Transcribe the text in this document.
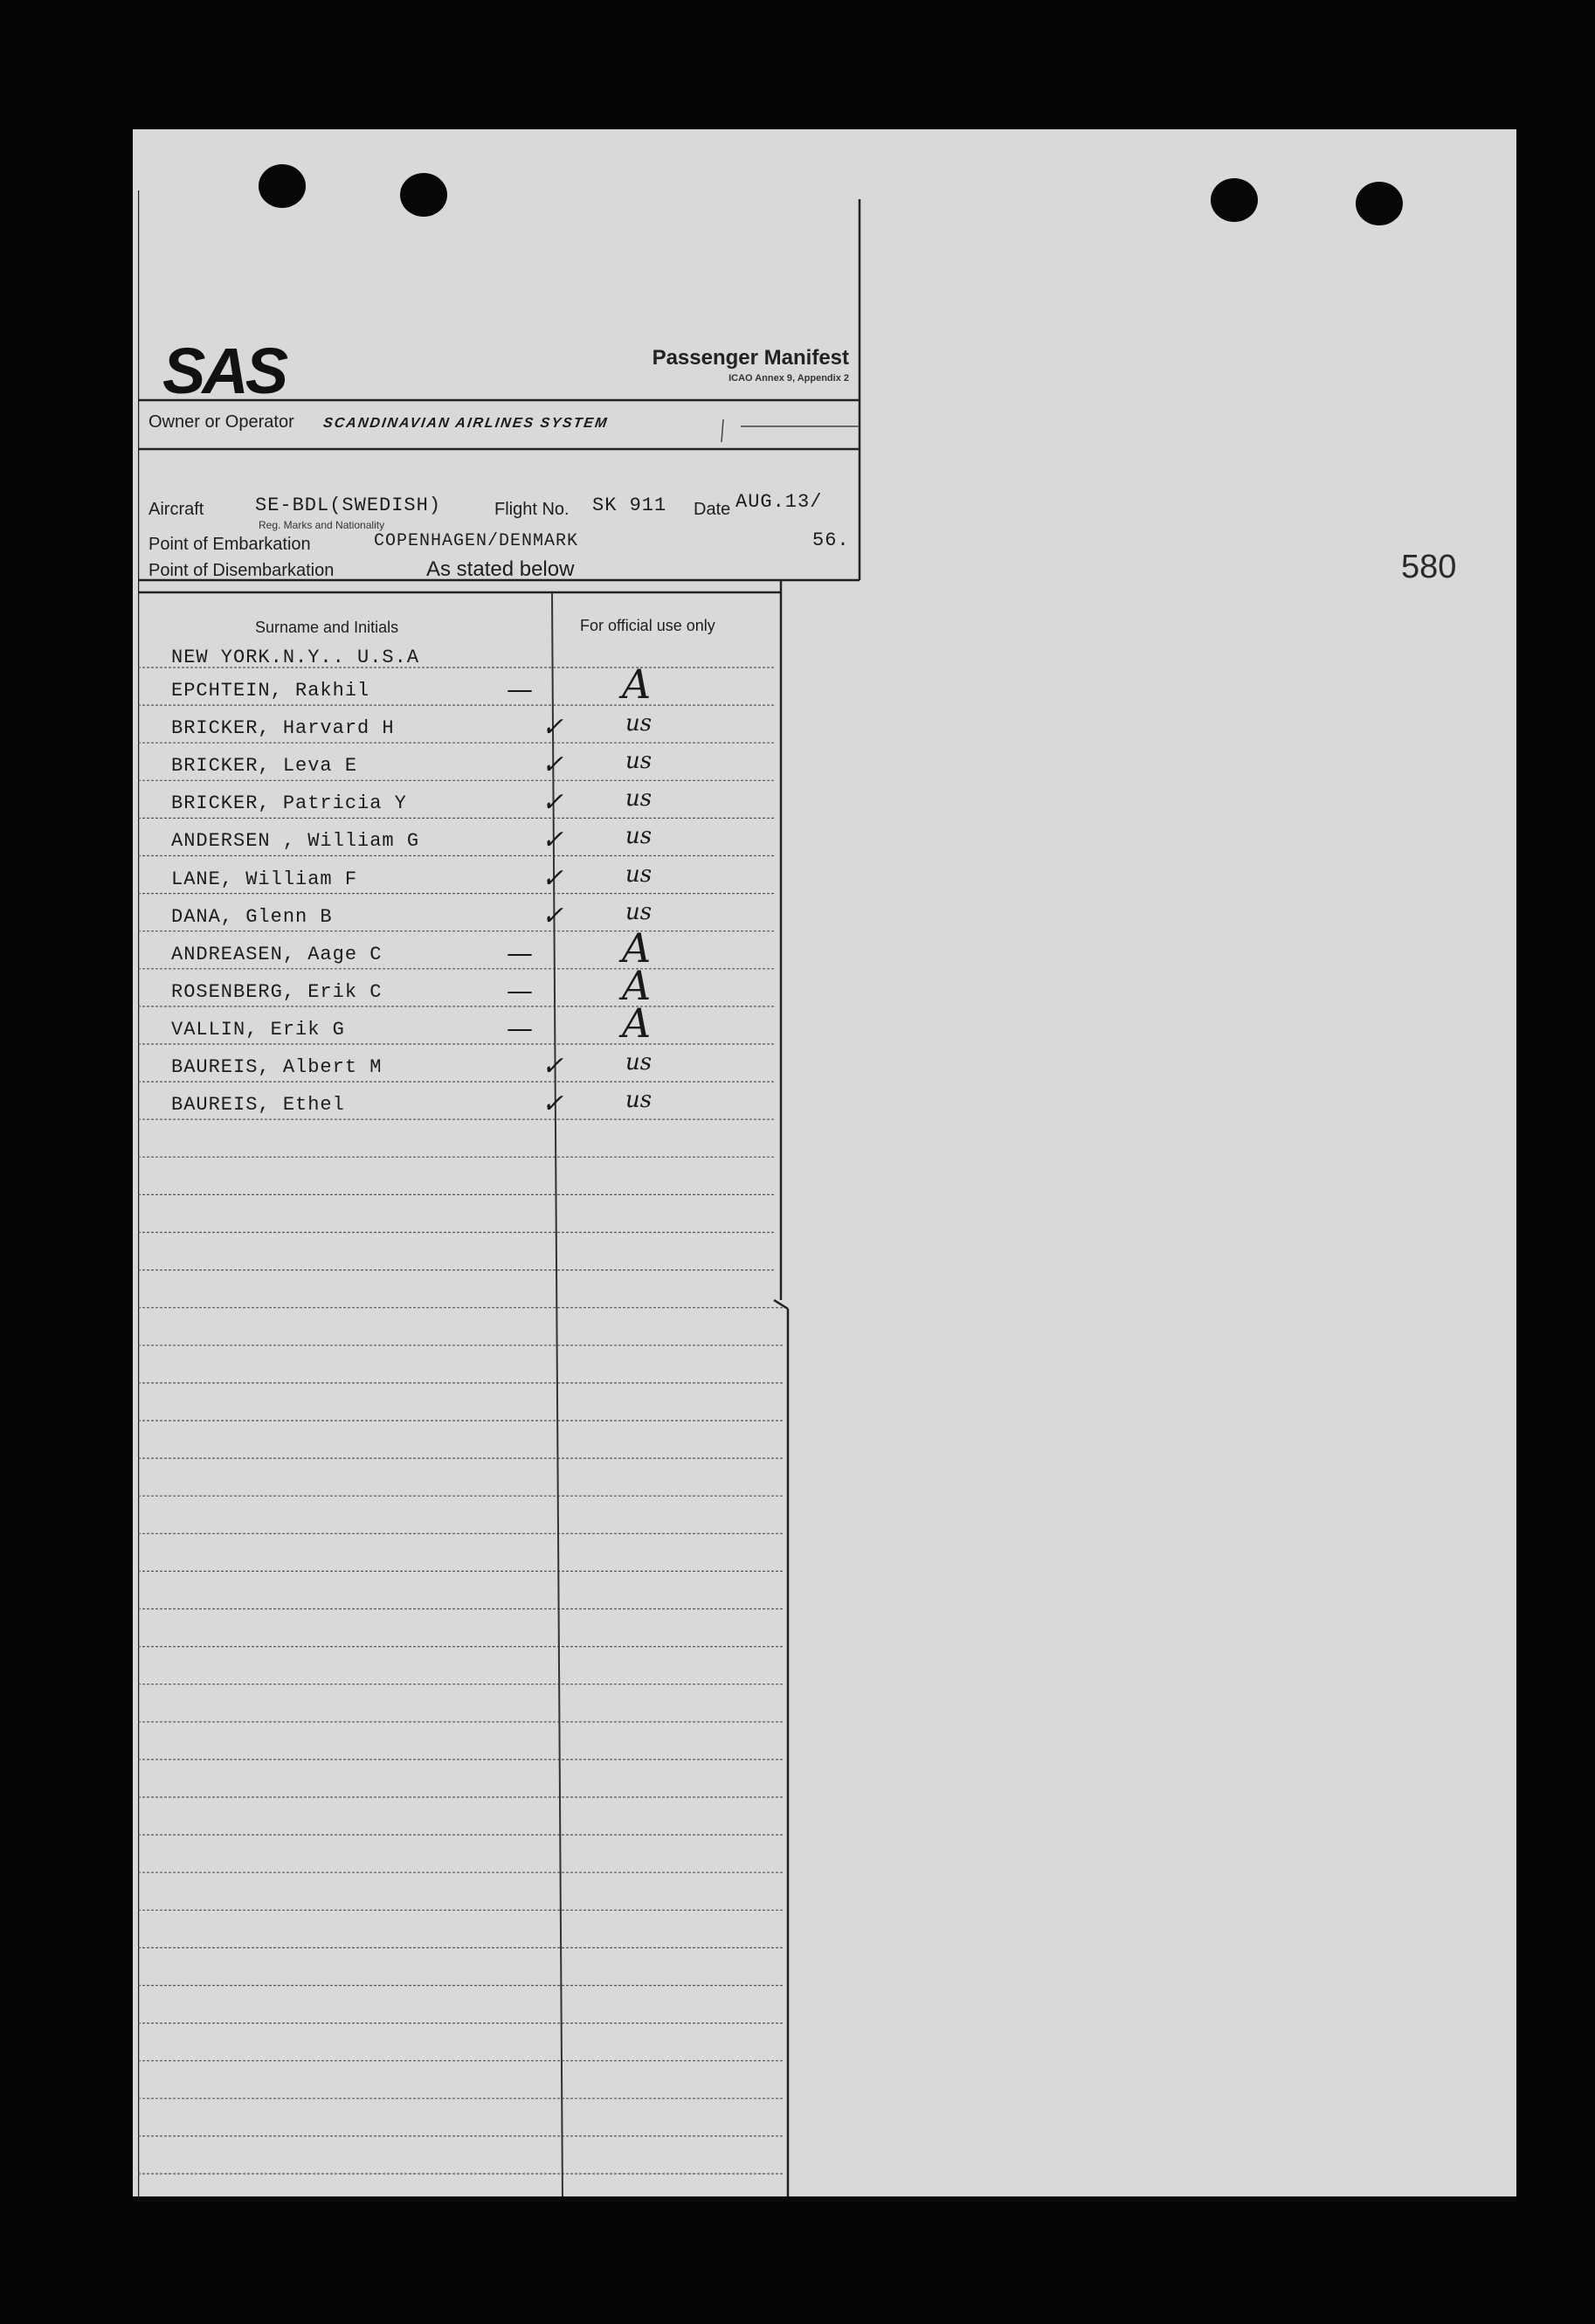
SAS	Passenger Manifest
ICAO Annex 9, Appendix 2
Owner or Operator SCANDINAVIAN AIRLINES SYSTEM
Aircraft	SE-BDL(SWEDISH)
Reg. Marks and Nationality
Flight No. SK 911 Date AUG.13/
Point of Embarkation	COPENHAGEN/DENMARK	56.
Point of Disembarkation	As stated below
Surname and Initials	For official use only
NEW YORK.N.Y.. U.S.A
580
EPCHTEIN, Rakhil	— A
BRICKER, Harvard H	✓	us
BRICKER, Leva E	✓	us
BRICKER, Patricia Y	✓	us
ANDERSEN , William G	✓	us
LANE, William F	✓	us
DANA, Glenn B	✓	us
ANDREASEN, Aage C	— A
ROSENBERG, Erik C	— A
VALLIN, Erik G	— A
BAUREIS, Albert M	✓	us
BAUREIS, Ethel	✓	us
